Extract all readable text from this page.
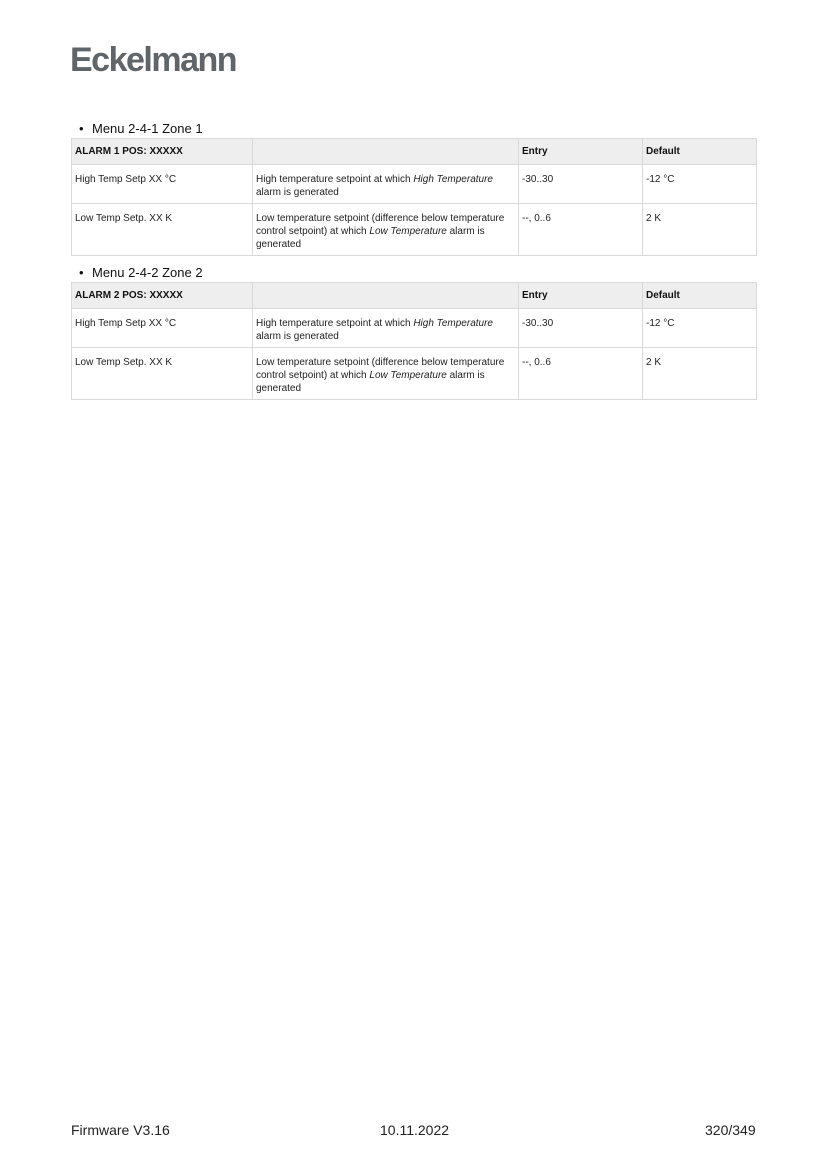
Eckelmann
• Menu 2-4-1 Zone 1
ALARM 1 POS: XXXXX		Entry	Default

High Temp Setp XX °C	High temperature setpoint at which High Temperature alarm is generated	-30..30	-12 °C

Low Temp Setp. XX K	Low temperature setpoint (difference below temperature control setpoint) at which Low Temperature alarm is generated	--, 0..6	2 K
• Menu 2-4-2 Zone 2
ALARM 2 POS: XXXXX		Entry	Default

High Temp Setp XX °C	High temperature setpoint at which High Temperature alarm is generated	-30..30	-12 °C

Low Temp Setp. XX K	Low temperature setpoint (difference below temperature control setpoint) at which Low Temperature alarm is generated	--, 0..6	2 K
Firmware V3.16	10.11.2022	320/349
